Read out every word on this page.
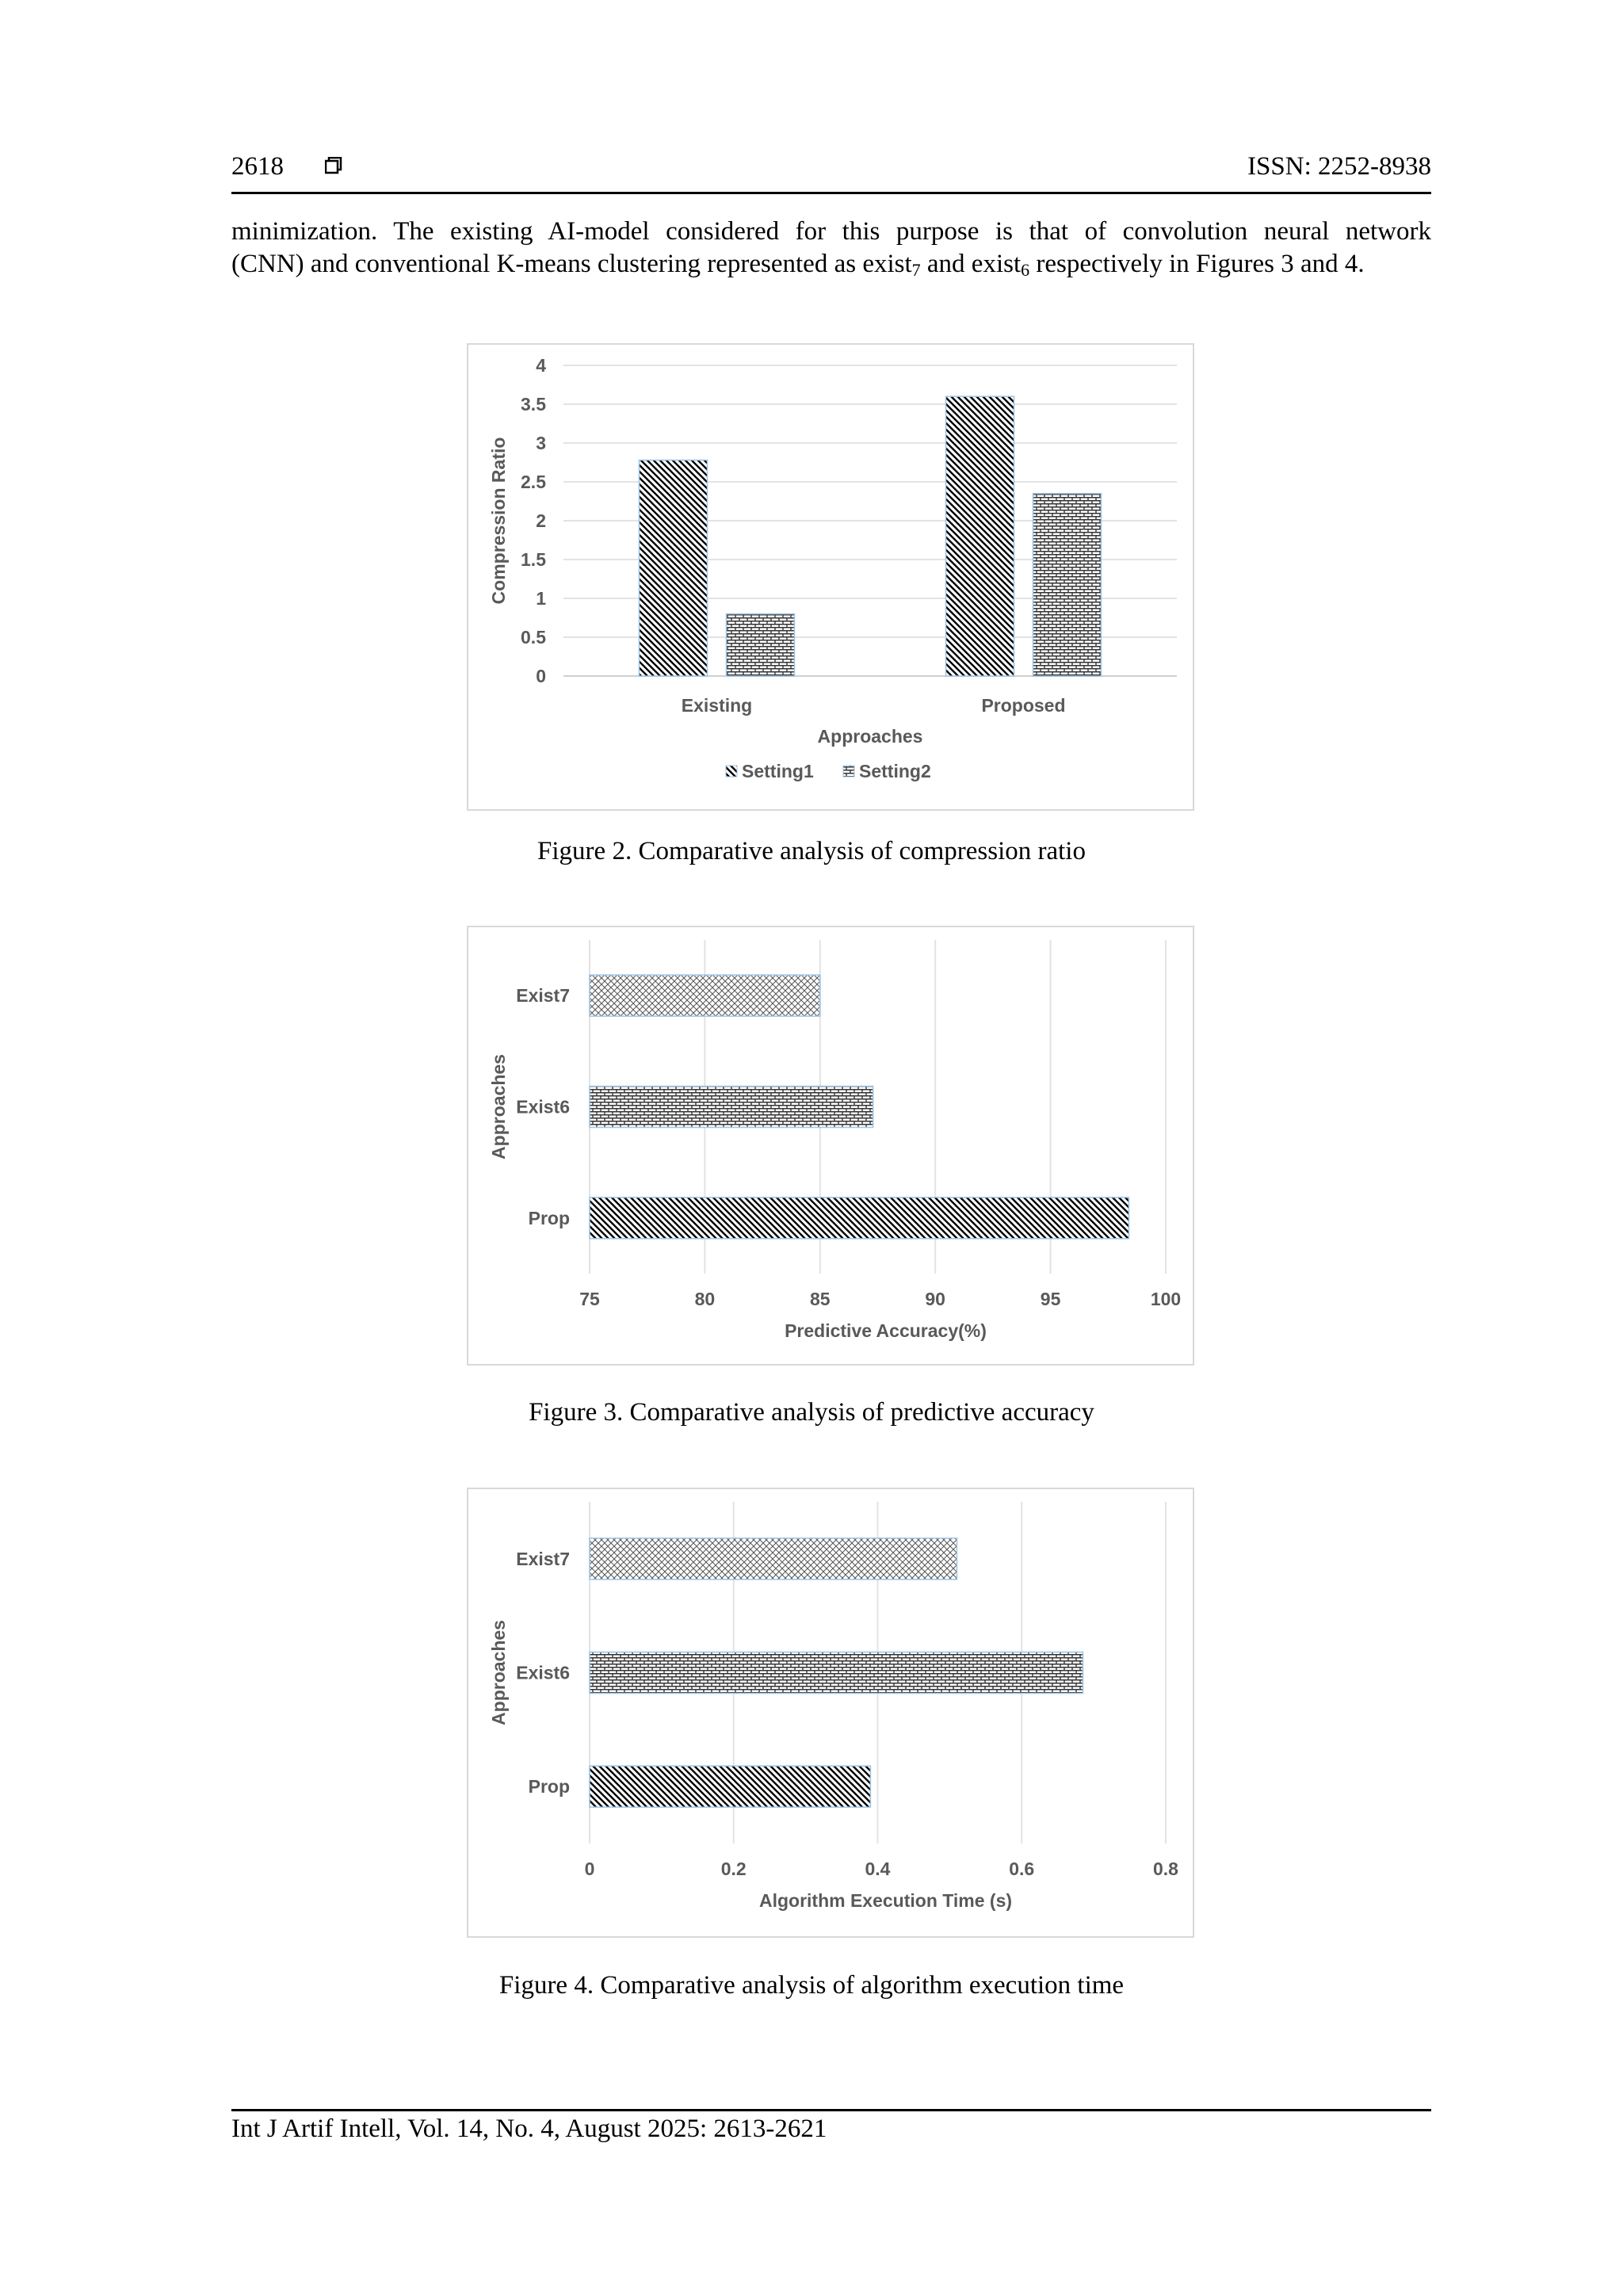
2618	ISSN: 2252-8938
minimization. The existing AI-model considered for this purpose is that of convolution neural network
(CNN) and conventional K-means clustering represented as exist$_7$ and exist$_6$ respectively in Figures 3 and 4.
0
0.5
1
1.5
2
2.5
3
3.5
4
Existing	Proposed
Approaches
Compression Ratio
Setting1 Setting2
Figure 2. Comparative analysis of compression ratio
75	80	85	90	95	100
Exist7
Exist6
Prop
Predictive Accuracy(%)
Approaches
Figure 3. Comparative analysis of predictive accuracy
0	0.2	0.4	0.6	0.8
Exist7
Exist6
Prop
Algorithm Execution Time (s)
Approaches
Figure 4. Comparative analysis of algorithm execution time
Int J Artif Intell, Vol. 14, No. 4, August 2025: 2613-2621
